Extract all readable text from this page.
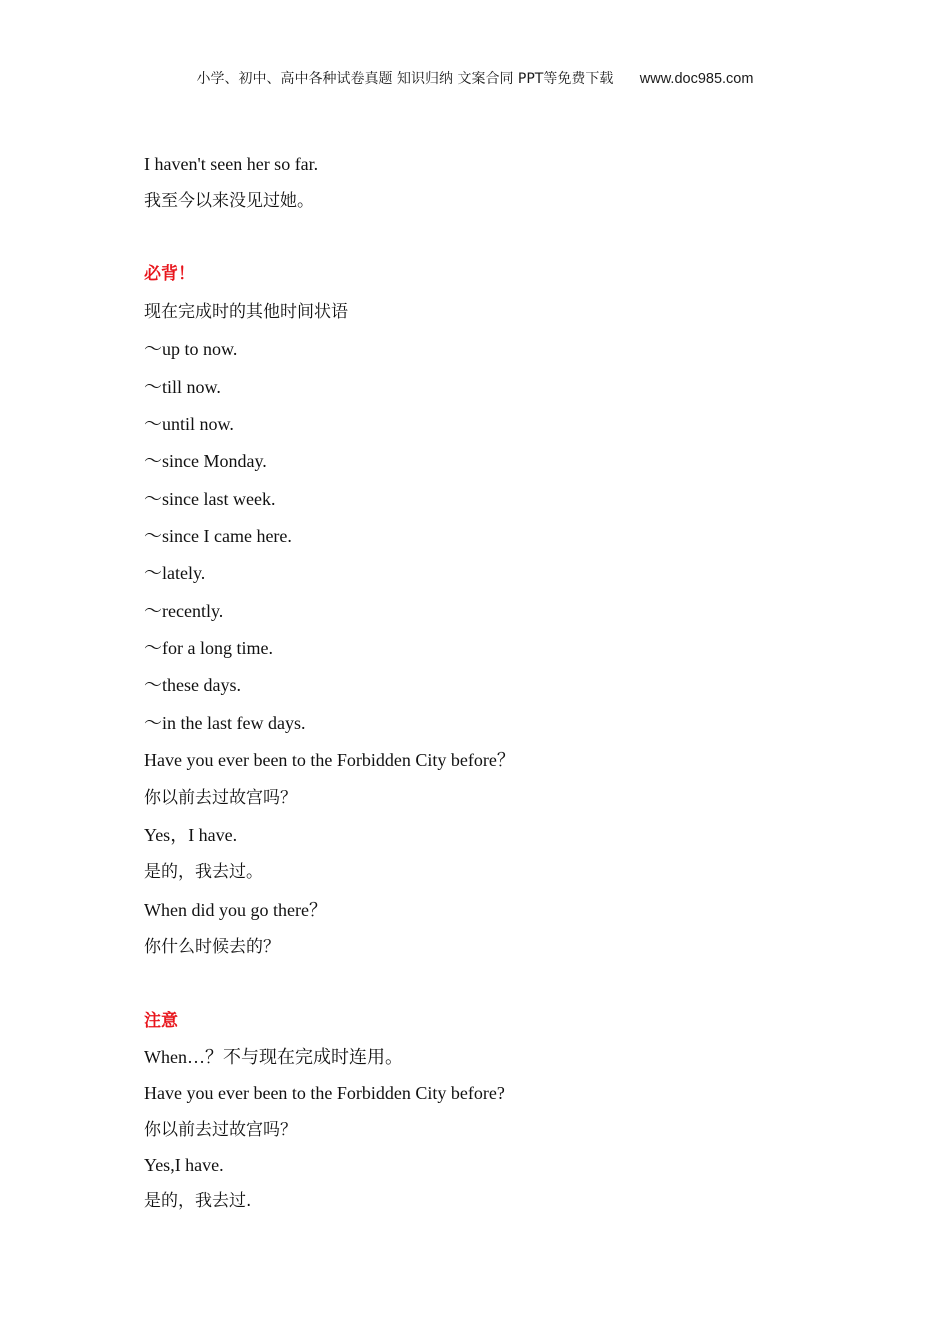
小学、初中、高中各种试卷真题 知识归纳 文案合同 PPT等免费下载 www.doc985.com
I haven't seen her so far.
我至今以来没见过她。
必背！
现在完成时的其他时间状语
～up to now.
～till now.
～until now.
～since Monday.
～since last week.
～since I came here.
～lately.
～recently.
～for a long time.
～these days.
～in the last few days.
Have you ever been to the Forbidden City before？
你以前去过故宫吗？
Yes，I have.
是的，我去过。
When did you go there？
你什么时候去的？
注意
When…？不与现在完成时连用。
Have you ever been to the Forbidden City before?
你以前去过故宫吗？
Yes,I have.
是的，我去过.
